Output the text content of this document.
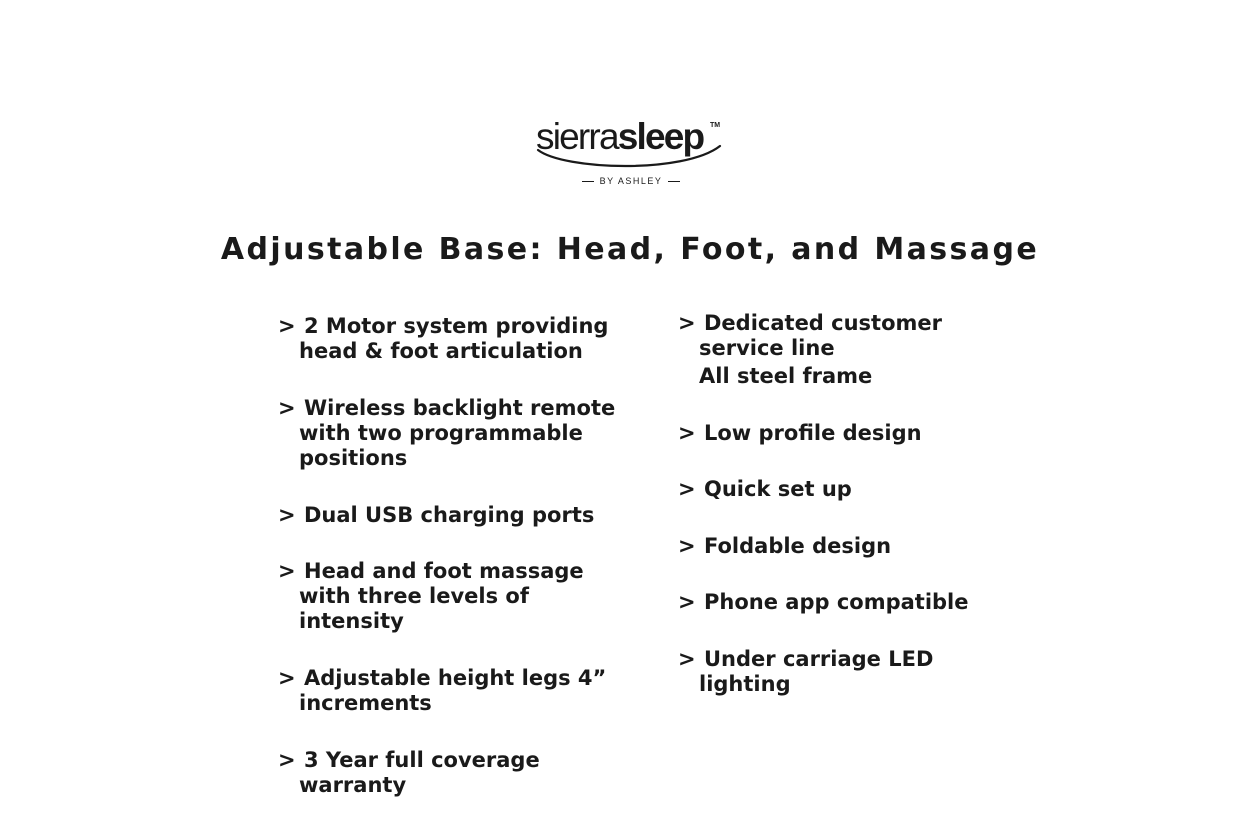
sierrasleep TM
BY ASHLEY
Adjustable Base: Head, Foot, and Massage
> 2 Motor system providing
head & foot articulation
> Wireless backlight remote
with two programmable
positions
> Dual USB charging ports
> Head and foot massage
with three levels of
intensity
> Adjustable height legs 4”
increments
> 3 Year full coverage
warranty
> Dedicated customer
service line
All steel frame
> Low profile design
> Quick set up
> Foldable design
> Phone app compatible
> Under carriage LED
lighting
